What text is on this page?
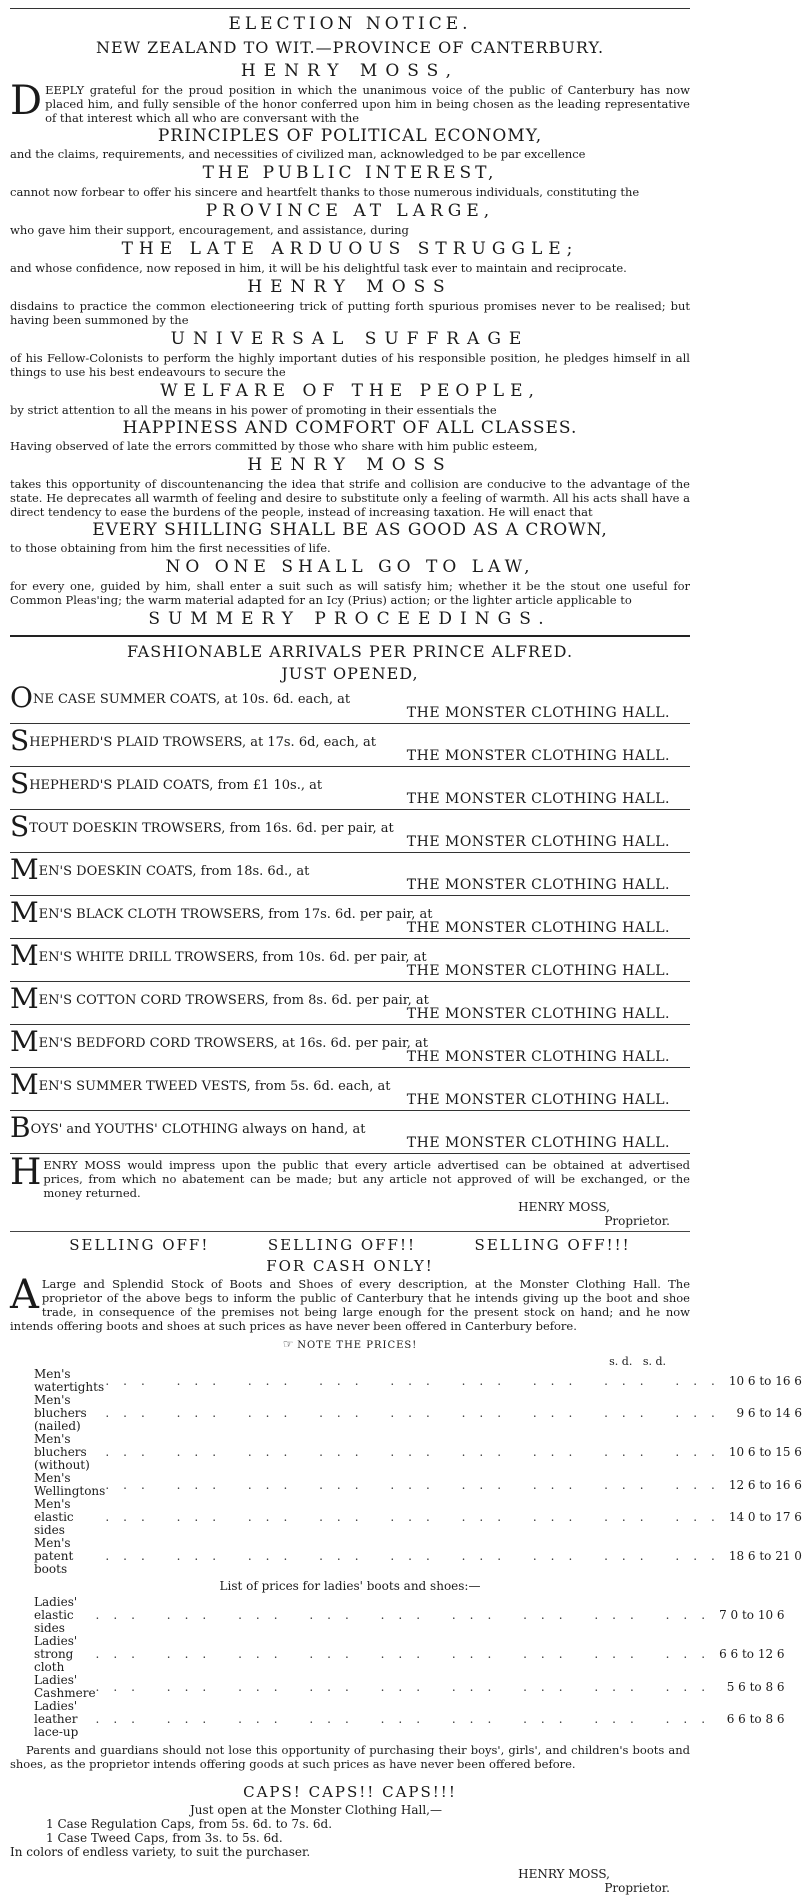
ELECTION NOTICE.
NEW ZEALAND TO WIT.—PROVINCE OF CANTERBURY.
HENRY MOSS,
DEEPLY grateful for the proud position in which the unanimous voice of the public of Canterbury has now placed him, and fully sensible of the honor conferred upon him in being chosen as the leading representative of that interest which all who are conversant with the
PRINCIPLES OF POLITICAL ECONOMY,
and the claims, requirements, and necessities of civilized man, acknowledged to be par excellence
THE PUBLIC INTEREST,
cannot now forbear to offer his sincere and heartfelt thanks to those numerous individuals, constituting the
PROVINCE AT LARGE,
who gave him their support, encouragement, and assistance, during
THE LATE ARDUOUS STRUGGLE;
and whose confidence, now reposed in him, it will be his delightful task ever to maintain and reciprocate.
HENRY MOSS
disdains to practice the common electioneering trick of putting forth spurious promises never to be realised; but having been summoned by the
UNIVERSAL SUFFRAGE
of his Fellow-Colonists to perform the highly important duties of his responsible position, he pledges himself in all things to use his best endeavours to secure the
WELFARE OF THE PEOPLE,
by strict attention to all the means in his power of promoting in their essentials the
HAPPINESS AND COMFORT OF ALL CLASSES.
Having observed of late the errors committed by those who share with him public esteem,
HENRY MOSS
takes this opportunity of discountenancing the idea that strife and collision are conducive to the advantage of the state. He deprecates all warmth of feeling and desire to substitute only a feeling of warmth. All his acts shall have a direct tendency to ease the burdens of the people, instead of increasing taxation. He will enact that
EVERY SHILLING SHALL BE AS GOOD AS A CROWN,
to those obtaining from him the first necessities of life.
NO ONE SHALL GO TO LAW,
for every one, guided by him, shall enter a suit such as will satisfy him; whether it be the stout one useful for Common Pleas'ing; the warm material adapted for an Icy (Prius) action; or the lighter article applicable to
SUMMERY PROCEEDINGS.
FASHIONABLE ARRIVALS PER PRINCE ALFRED.
JUST OPENED,
ONE CASE SUMMER COATS, at 10s. 6d. each, at
THE MONSTER CLOTHING HALL.
SHEPHERD'S PLAID TROWSERS, at 17s. 6d, each, at
THE MONSTER CLOTHING HALL.
SHEPHERD'S PLAID COATS, from £1 10s., at
THE MONSTER CLOTHING HALL.
STOUT DOESKIN TROWSERS, from 16s. 6d. per pair, at
THE MONSTER CLOTHING HALL.
MEN'S DOESKIN COATS, from 18s. 6d., at
THE MONSTER CLOTHING HALL.
MEN'S BLACK CLOTH TROWSERS, from 17s. 6d. per pair, at
THE MONSTER CLOTHING HALL.
MEN'S WHITE DRILL TROWSERS, from 10s. 6d. per pair, at
THE MONSTER CLOTHING HALL.
MEN'S COTTON CORD TROWSERS, from 8s. 6d. per pair, at
THE MONSTER CLOTHING HALL.
MEN'S BEDFORD CORD TROWSERS, at 16s. 6d. per pair, at
THE MONSTER CLOTHING HALL.
MEN'S SUMMER TWEED VESTS, from 5s. 6d. each, at
THE MONSTER CLOTHING HALL.
BOYS' and YOUTHS' CLOTHING always on hand, at
THE MONSTER CLOTHING HALL.
HENRY MOSS would impress upon the public that every article advertised can be obtained at advertised prices, from which no abatement can be made; but any article not approved of will be exchanged, or the money returned.
HENRY MOSS,
Proprietor.
SELLING OFF!	SELLING OFF!!	SELLING OFF!!!
FOR CASH ONLY!
A Large and Splendid Stock of Boots and Shoes of every description, at the Monster Clothing Hall. The proprietor of the above begs to inform the public of Canterbury that he intends giving up the boot and shoe trade, in consequence of the premises not being large enough for the present stock on hand; and he now intends offering boots and shoes at such prices as have never been offered in Canterbury before.
☞ NOTE THE PRICES!
s. d.   s. d.
Men's watertights	... ... ... ... ... ... ... ... ...	10 6 to 16 6
Men's bluchers (nailed)	... ... ... ... ... ... ... ... ...	9 6 to 14 6
Men's bluchers (without)	... ... ... ... ... ... ... ... ...	10 6 to 15 6
Men's Wellingtons	... ... ... ... ... ... ... ... ...	12 6 to 16 6
Men's elastic sides	... ... ... ... ... ... ... ... ...	14 0 to 17 6
Men's patent boots	... ... ... ... ... ... ... ... ...	18 6 to 21 0
List of prices for ladies' boots and shoes:—
Ladies' elastic sides	... ... ... ... ... ... ... ... ...	7 0 to 10 6
Ladies' strong cloth	... ... ... ... ... ... ... ... ...	6 6 to 12 6
Ladies' Cashmere	... ... ... ... ... ... ... ... ...	5 6 to 8 6
Ladies' leather lace-up	... ... ... ... ... ... ... ... ...	6 6 to 8 6
Parents and guardians should not lose this opportunity of purchasing their boys', girls', and children's boots and shoes, as the proprietor intends offering goods at such prices as have never been offered before.
CAPS! CAPS!! CAPS!!!
Just open at the Monster Clothing Hall,—
1 Case Regulation Caps, from 5s. 6d. to 7s. 6d.
1 Case Tweed Caps, from 3s. to 5s. 6d.
In colors of endless variety, to suit the purchaser.
HENRY MOSS,
Proprietor.
